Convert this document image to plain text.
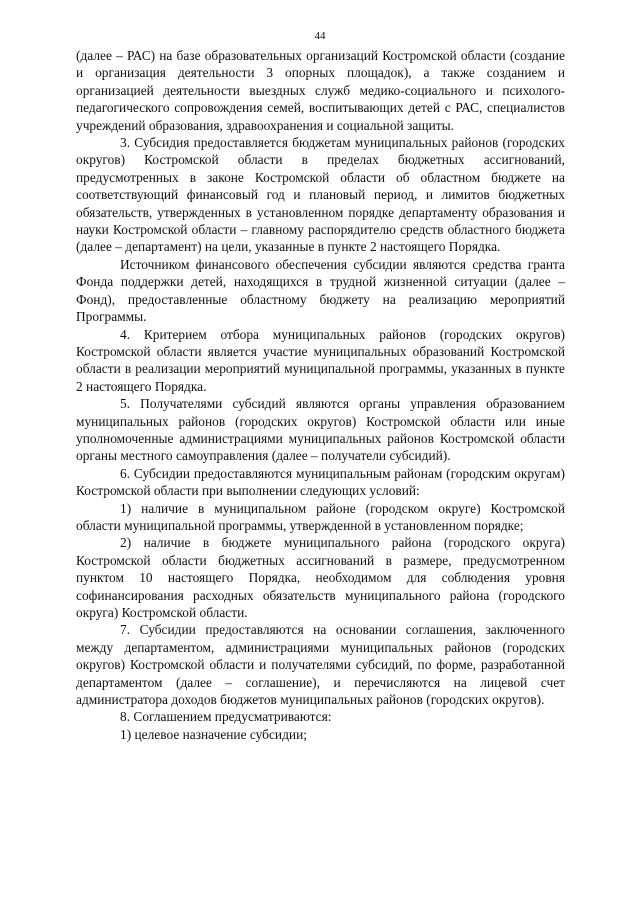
44

(далее – РАС) на базе образовательных организаций Костромской области (создание и организация деятельности 3 опорных площадок), а также созданием и организацией деятельности выездных служб медико-социального и психолого-педагогического сопровождения семей, воспитывающих детей с РАС, специалистов учреждений образования, здравоохранения и социальной защиты.

3. Субсидия предоставляется бюджетам муниципальных районов (городских округов) Костромской области в пределах бюджетных ассигнований, предусмотренных в законе Костромской области об областном бюджете на соответствующий финансовый год и плановый период, и лимитов бюджетных обязательств, утвержденных в установленном порядке департаменту образования и науки Костромской области – главному распорядителю средств областного бюджета (далее – департамент) на цели, указанные в пункте 2 настоящего Порядка.

Источником финансового обеспечения субсидии являются средства гранта Фонда поддержки детей, находящихся в трудной жизненной ситуации (далее – Фонд), предоставленные областному бюджету на реализацию мероприятий Программы.

4. Критерием отбора муниципальных районов (городских округов) Костромской области является участие муниципальных образований Костромской области в реализации мероприятий муниципальной программы, указанных в пункте 2 настоящего Порядка.

5. Получателями субсидий являются органы управления образованием муниципальных районов (городских округов) Костромской области или иные уполномоченные администрациями муниципальных районов Костромской области органы местного самоуправления (далее – получатели субсидий).

6. Субсидии предоставляются муниципальным районам (городским округам) Костромской области при выполнении следующих условий:

1) наличие в муниципальном районе (городском округе) Костромской области муниципальной программы, утвержденной в установленном порядке;

2) наличие в бюджете муниципального района (городского округа) Костромской области бюджетных ассигнований в размере, предусмотренном пунктом 10 настоящего Порядка, необходимом для соблюдения уровня софинансирования расходных обязательств муниципального района (городского округа) Костромской области.

7. Субсидии предоставляются на основании соглашения, заключенного между департаментом, администрациями муниципальных районов (городских округов) Костромской области и получателями субсидий, по форме, разработанной департаментом (далее – соглашение), и перечисляются на лицевой счет администратора доходов бюджетов муниципальных районов (городских округов).

8. Соглашением предусматриваются:

1) целевое назначение субсидии;
